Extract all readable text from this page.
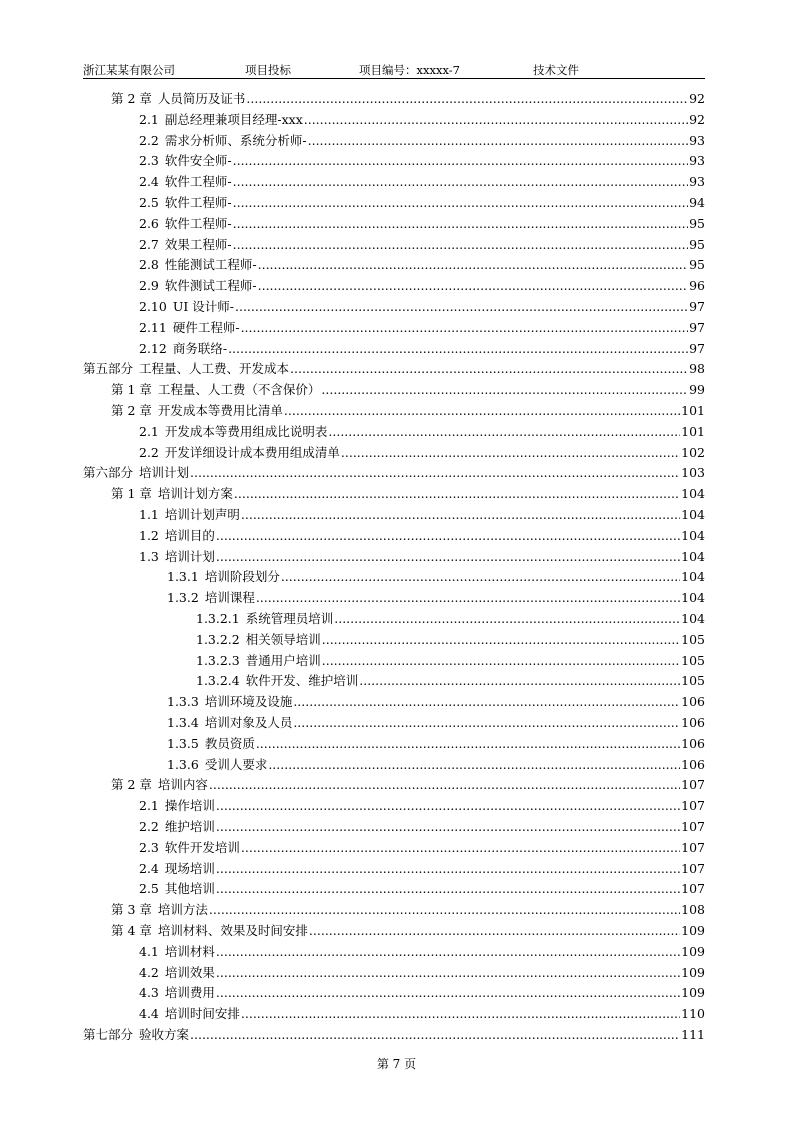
浙江某某有限公司	项目投标	项目编号：xxxxx-7	技术文件
第 2 章 人员简历及证书 .....	92
2.1 副总经理兼项目经理-xxx .....	92
2.2 需求分析师、系统分析师- .....	93
2.3 软件安全师- .....	93
2.4 软件工程师- .....	93
2.5 软件工程师- .....	94
2.6 软件工程师- .....	95
2.7 效果工程师- .....	95
2.8 性能测试工程师- .....	95
2.9 软件测试工程师- .....	96
2.10 UI 设计师- .....	97
2.11 硬件工程师- .....	97
2.12 商务联络- .....	97
第五部分 工程量、人工费、开发成本 .....	98
第 1 章 工程量、人工费（不含保价） .....	99
第 2 章 开发成本等费用比清单 .....	101
2.1 开发成本等费用组成比说明表 .....	101
2.2 开发详细设计成本费用组成清单 .....	102
第六部分 培训计划 .....	103
第 1 章 培训计划方案 .....	104
1.1 培训计划声明 .....	104
1.2 培训目的 .....	104
1.3 培训计划 .....	104
1.3.1 培训阶段划分 .....	104
1.3.2 培训课程 .....	104
1.3.2.1 系统管理员培训 .....	104
1.3.2.2 相关领导培训 .....	105
1.3.2.3 普通用户培训 .....	105
1.3.2.4 软件开发、维护培训 .....	105
1.3.3 培训环境及设施 .....	106
1.3.4 培训对象及人员 .....	106
1.3.5 教员资质 .....	106
1.3.6 受训人要求 .....	106
第 2 章 培训内容 .....	107
2.1 操作培训 .....	107
2.2 维护培训 .....	107
2.3 软件开发培训 .....	107
2.4 现场培训 .....	107
2.5 其他培训 .....	107
第 3 章 培训方法 .....	108
第 4 章 培训材料、效果及时间安排 .....	109
4.1 培训材料 .....	109
4.2 培训效果 .....	109
4.3 培训费用 .....	109
4.4 培训时间安排 .....	110
第七部分 验收方案 .....	111
第 7 页
